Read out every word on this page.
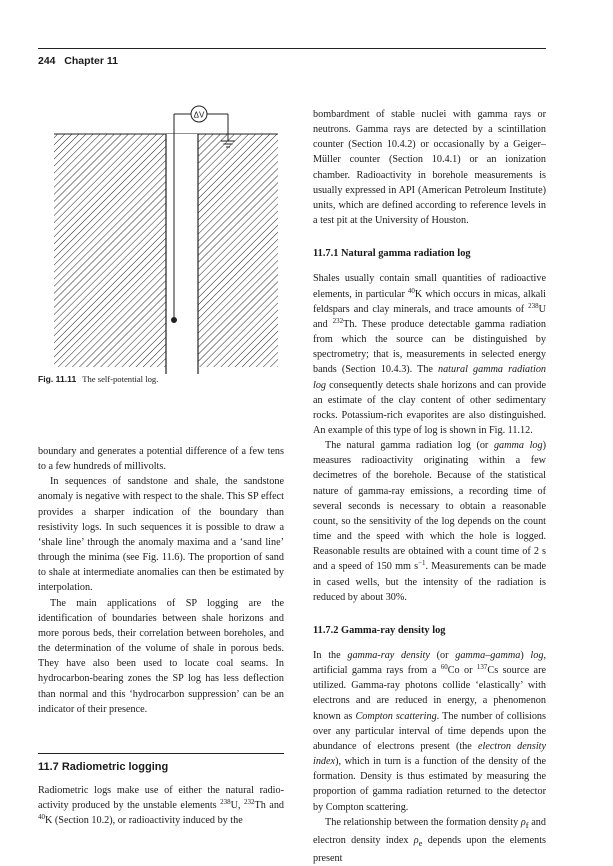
244 Chapter 11
ΔV
Fig. 11.11 The self-potential log.

boundary and generates a potential difference of a few tens to a few hundreds of millivolts.

In sequences of sandstone and shale, the sandstone anomaly is negative with respect to the shale. This SP effect provides a sharper indication of the boundary than resistivity logs. In such sequences it is possible to draw a ‘shale line’ through the anomaly maxima and a ‘sand line’ through the minima (see Fig. 11.6). The proportion of sand to shale at intermediate anomalies can then be estimated by interpolation.

The main applications of SP logging are the identification of boundaries between shale horizons and more porous beds, their correlation between boreholes, and the determination of the volume of shale in porous beds. They have also been used to locate coal seams. In hydrocarbon-bearing zones the SP log has less deflection than normal and this ‘hydrocarbon suppression’ can be an indicator of their presence.

11.7 Radiometric logging

Radiometric logs make use of either the natural radio-activity produced by the unstable elements $^{238}$U, $^{232}$Th and $^{40}$K (Section 10.2), or radioactivity induced by the

bombardment of stable nuclei with gamma rays or neutrons. Gamma rays are detected by a scintillation counter (Section 10.4.2) or occasionally by a Geiger–Müller counter (Section 10.4.1) or an ionization chamber. Radioactivity in borehole measurements is usually expressed in API (American Petroleum Institute) units, which are defined according to reference levels in a test pit at the University of Houston.

11.7.1 Natural gamma radiation log

Shales usually contain small quantities of radioactive elements, in particular $^{40}$K which occurs in micas, alkali feldspars and clay minerals, and trace amounts of $^{238}$U and $^{232}$Th. These produce detectable gamma radiation from which the source can be distinguished by spectrometry; that is, measurements in selected energy bands (Section 10.4.3). The natural gamma radiation log consequently detects shale horizons and can provide an estimate of the clay content of other sedimentary rocks. Potassium-rich evaporites are also distinguished. An example of this type of log is shown in Fig. 11.12.

The natural gamma radiation log (or gamma log) measures radioactivity originating within a few decimetres of the borehole. Because of the statistical nature of gamma-ray emissions, a recording time of several seconds is necessary to obtain a reasonable count, so the sensitivity of the log depends on the count time and the speed with which the hole is logged. Reasonable results are obtained with a count time of 2 s and a speed of 150 mm $s^{-1}$. Measurements can be made in cased wells, but the intensity of the radiation is reduced by about 30%.

11.7.2 Gamma-ray density log

In the gamma-ray density (or gamma–gamma) log, artificial gamma rays from a $^{60}$Co or $^{137}$Cs source are utilized. Gamma-ray photons collide ‘elastically’ with electrons and are reduced in energy, a phenomenon known as Compton scattering. The number of collisions over any particular interval of time depends upon the abundance of electrons present (the electron density index), which in turn is a function of the density of the formation. Density is thus estimated by measuring the proportion of gamma radiation returned to the detector by Compton scattering.

The relationship between the formation density $\rho_f$ and electron density index $\rho_e$ depends upon the elements present
